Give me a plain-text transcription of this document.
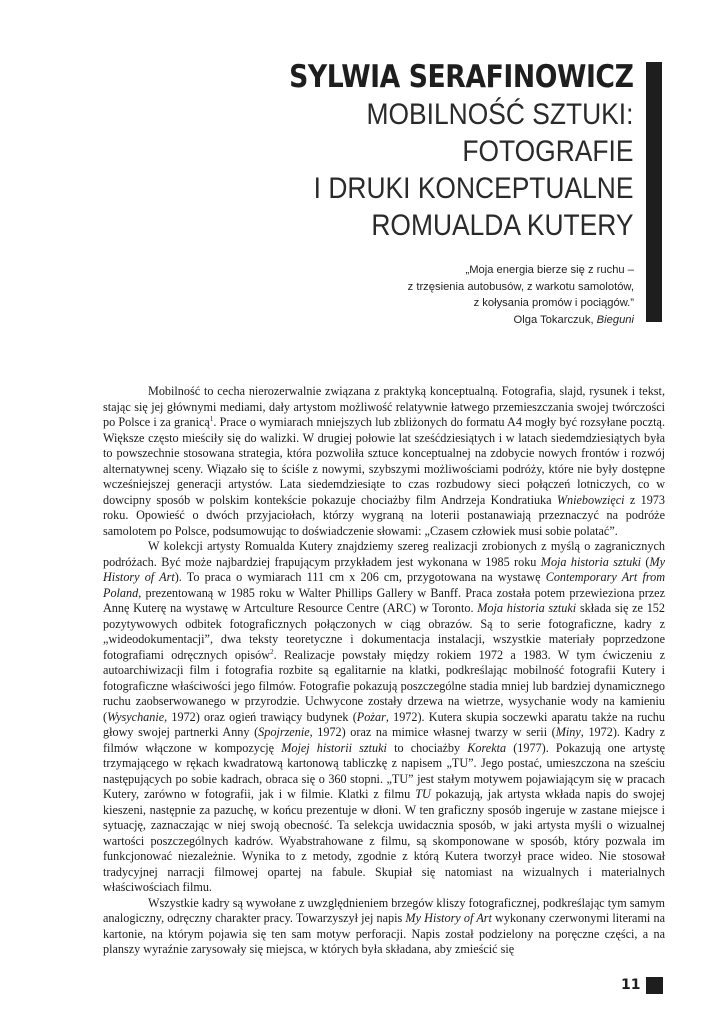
SYLWIA SERAFINOWICZ
MOBILNOŚĆ SZTUKI:
FOTOGRAFIE
I DRUKI KONCEPTUALNE
ROMUALDA KUTERY
„Moja energia bierze się z ruchu –
z trzęsienia autobusów, z warkotu samolotów,
z kołysania promów i pociągów.”
Olga Tokarczuk, Bieguni

Mobilność to cecha nierozerwalnie związana z praktyką konceptualną. Fotografia, slajd, rysunek i tekst, stając się jej głównymi mediami, dały artystom możliwość relatywnie łatwego przemieszczania swojej twórczości po Polsce i za granicą$^1$. Prace o wymiarach mniejszych lub zbliżonych do formatu A4 mogły być rozsyłane pocztą. Większe często mieściły się do walizki. W drugiej połowie lat sześćdziesiątych i w latach siedemdziesiątych była to powszechnie stosowana strategia, która pozwoliła sztuce konceptualnej na zdobycie nowych frontów i rozwój alternatywnej sceny. Wiązało się to ściśle z nowymi, szybszymi możliwościami podróży, które nie były dostępne wcześniejszej generacji artystów. Lata siedemdziesiąte to czas rozbudowy sieci połączeń lotniczych, co w dowcipny sposób w polskim kontekście pokazuje chociażby film Andrzeja Kondratiuka Wniebowzięci z 1973 roku. Opowieść o dwóch przyjaciołach, którzy wygraną na loterii postanawiają przeznaczyć na podróże samolotem po Polsce, podsumowując to doświadczenie słowami: „Czasem człowiek musi sobie polatać”.

W kolekcji artysty Romualda Kutery znajdziemy szereg realizacji zrobionych z myślą o zagranicznych podróżach. Być może najbardziej frapującym przykładem jest wykonana w 1985 roku Moja historia sztuki (My History of Art). To praca o wymiarach 111 cm x 206 cm, przygotowana na wystawę Contemporary Art from Poland, prezentowaną w 1985 roku w Walter Phillips Gallery w Banff. Praca została potem przewieziona przez Annę Kuterę na wystawę w Artculture Resource Centre (ARC) w Toronto. Moja historia sztuki składa się ze 152 pozytywowych odbitek fotograficznych połączonych w ciąg obrazów. Są to serie fotograficzne, kadry z „wideodokumentacji”, dwa teksty teoretyczne i dokumentacja instalacji, wszystkie materiały poprzedzone fotografiami odręcznych opisów$^2$. Realizacje powstały między rokiem 1972 a 1983. W tym ćwiczeniu z autoarchiwizacji film i fotografia rozbite są egalitarnie na klatki, podkreślając mobilność fotografii Kutery i fotograficzne właściwości jego filmów. Fotografie pokazują poszczególne stadia mniej lub bardziej dynamicznego ruchu zaobserwowanego w przyrodzie. Uchwycone zostały drzewa na wietrze, wysychanie wody na kamieniu (Wysychanie, 1972) oraz ogień trawiący budynek (Pożar, 1972). Kutera skupia soczewki aparatu także na ruchu głowy swojej partnerki Anny (Spojrzenie, 1972) oraz na mimice własnej twarzy w serii (Miny, 1972). Kadry z filmów włączone w kompozycję Mojej historii sztuki to chociażby Korekta (1977). Pokazują one artystę trzymającego w rękach kwadratową kartonową tabliczkę z napisem „TU”. Jego postać, umieszczona na sześciu następujących po sobie kadrach, obraca się o 360 stopni. „TU” jest stałym motywem pojawiającym się w pracach Kutery, zarówno w fotografii, jak i w filmie. Klatki z filmu TU pokazują, jak artysta wkłada napis do swojej kieszeni, następnie za pazuchę, w końcu prezentuje w dłoni. W ten graficzny sposób ingeruje w zastane miejsce i sytuację, zaznaczając w niej swoją obecność. Ta selekcja uwidacznia sposób, w jaki artysta myśli o wizualnej wartości poszczególnych kadrów. Wyabstrahowane z filmu, są skomponowane w sposób, który pozwala im funkcjonować niezależnie. Wynika to z metody, zgodnie z którą Kutera tworzył prace wideo. Nie stosował tradycyjnej narracji filmowej opartej na fabule. Skupiał się natomiast na wizualnych i materialnych właściwościach filmu.

Wszystkie kadry są wywołane z uwzględnieniem brzegów kliszy fotograficznej, podkreślając tym samym analogiczny, odręczny charakter pracy. Towarzyszył jej napis My History of Art wykonany czerwonymi literami na kartonie, na którym pojawia się ten sam motyw perforacji. Napis został podzielony na poręczne części, a na planszy wyraźnie zarysowały się miejsca, w których była składana, aby zmieścić się

11
